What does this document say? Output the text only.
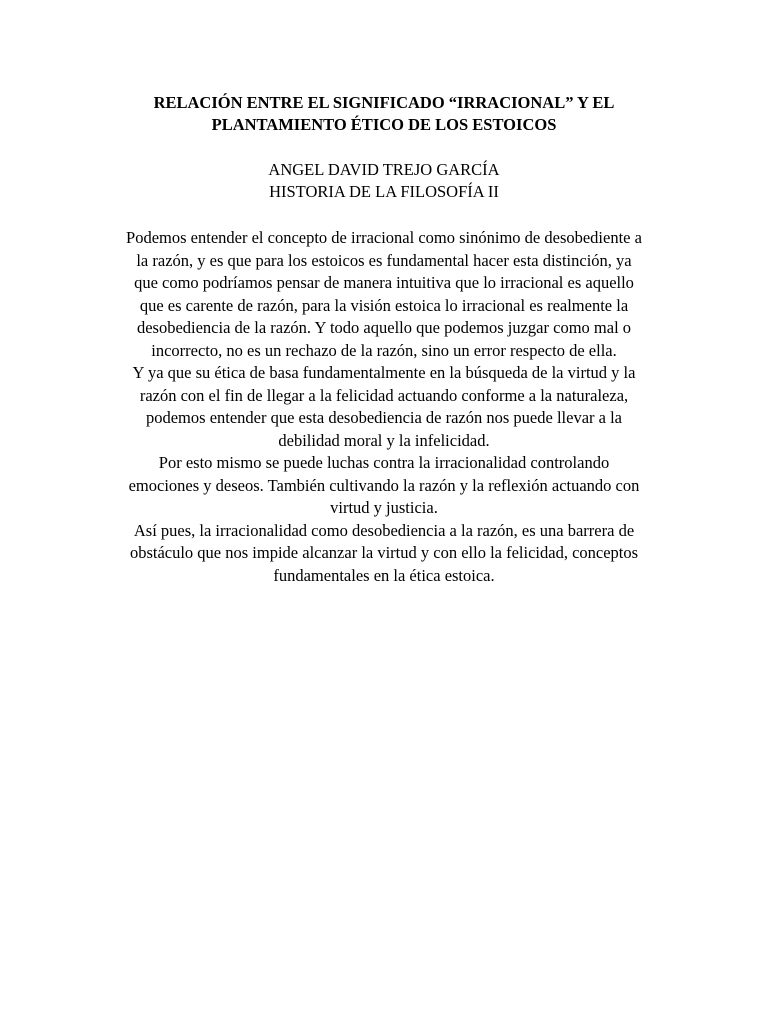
RELACIÓN ENTRE EL SIGNIFICADO “IRRACIONAL” Y EL
PLANTAMIENTO ÉTICO DE LOS ESTOICOS
ANGEL DAVID TREJO GARCÍA
HISTORIA DE LA FILOSOFÍA II
Podemos entender el concepto de irracional como sinónimo de desobediente a
la razón, y es que para los estoicos es fundamental hacer esta distinción, ya
que como podríamos pensar de manera intuitiva que lo irracional es aquello
que es carente de razón, para la visión estoica lo irracional es realmente la
desobediencia de la razón. Y todo aquello que podemos juzgar como mal o
incorrecto, no es un rechazo de la razón, sino un error respecto de ella.
Y ya que su ética de basa fundamentalmente en la búsqueda de la virtud y la
razón con el fin de llegar a la felicidad actuando conforme a la naturaleza,
podemos entender que esta desobediencia de razón nos puede llevar a la
debilidad moral y la infelicidad.
Por esto mismo se puede luchas contra la irracionalidad controlando
emociones y deseos. También cultivando la razón y la reflexión actuando con
virtud y justicia.
Así pues, la irracionalidad como desobediencia a la razón, es una barrera de
obstáculo que nos impide alcanzar la virtud y con ello la felicidad, conceptos
fundamentales en la ética estoica.
